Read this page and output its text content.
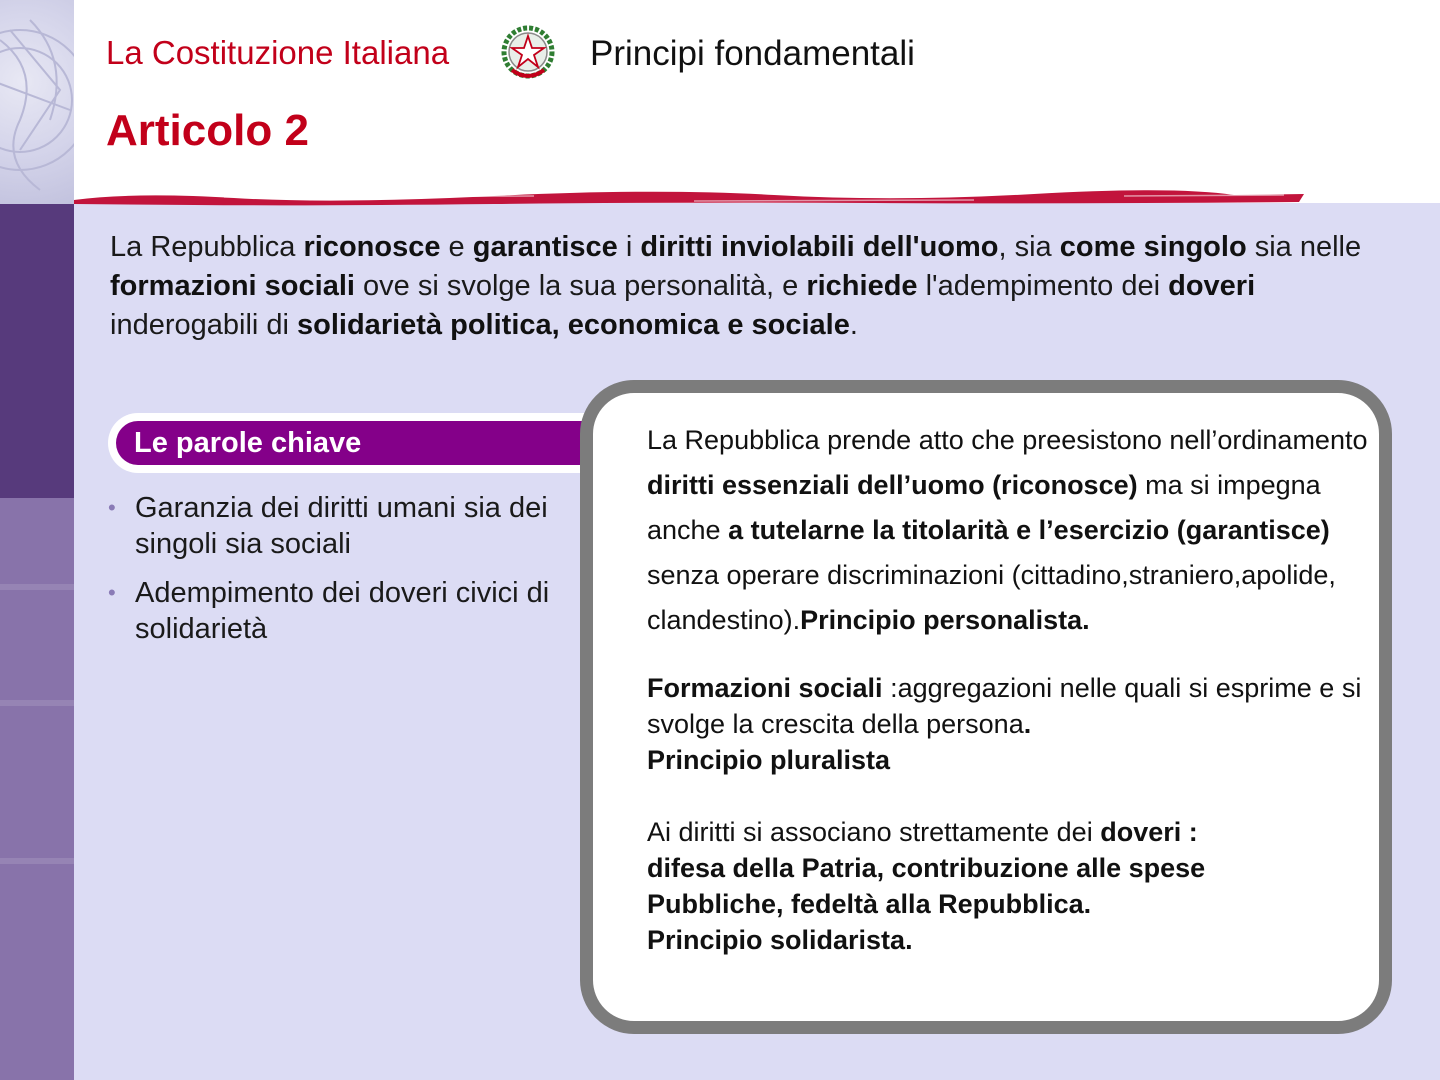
La Costituzione Italiana	Principi fondamentali
Articolo 2
La Repubblica riconosce e garantisce i diritti inviolabili dell'uomo, sia come singolo sia nelle formazioni sociali ove si svolge la sua personalità, e richiede l'adempimento dei doveri inderogabili di solidarietà politica, economica e sociale.
Le parole chiave
• Garanzia dei diritti umani sia dei singoli sia sociali
• Adempimento dei doveri civici di solidarietà

La Repubblica prende atto che preesistono nell’ordinamento diritti essenziali dell’uomo (riconosce) ma si impegna anche a tutelarne la titolarità e l’esercizio (garantisce) senza operare discriminazioni (cittadino,straniero,apolide, clandestino).Principio personalista.

Formazioni sociali :aggregazioni nelle quali si esprime e si svolge la crescita della persona.
Principio pluralista

Ai diritti si associano strettamente dei doveri :
difesa della Patria, contribuzione alle spese
Pubbliche, fedeltà alla Repubblica.
Principio solidarista.
